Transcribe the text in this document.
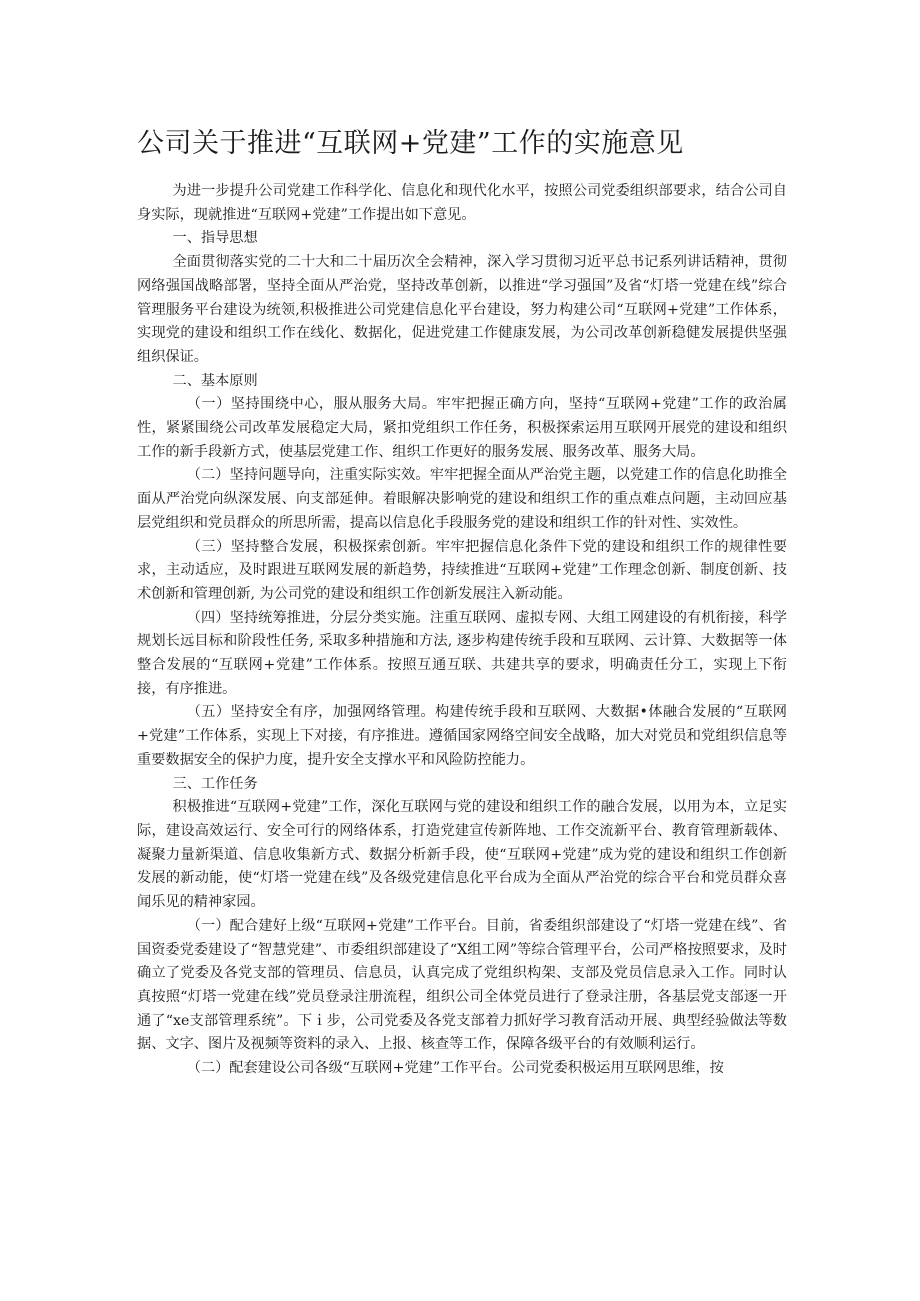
公司关于推进“互联网+党建”工作的实施意见

为进一步提升公司党建工作科学化、信息化和现代化水平，按照公司党委组织部要求，结合公司自身实际，现就推进“互联网+党建”工作提出如下意见。

一、指导思想

全面贯彻落实党的二十大和二十届历次全会精神，深入学习贯彻习近平总书记系列讲话精神，贯彻网络强国战略部署，坚持全面从严治党，坚持改革创新，以推进“学习强国”及省“灯塔一党建在线”综合管理服务平台建设为统领,积极推进公司党建信息化平台建设，努力构建公司“互联网+党建”工作体系，实现党的建设和组织工作在线化、数据化，促进党建工作健康发展，为公司改革创新稳健发展提供坚强组织保证。

二、基本原则

（一）坚持围绕中心，服从服务大局。牢牢把握正确方向，坚持“互联网+党建”工作的政治属性，紧紧围绕公司改革发展稳定大局，紧扣党组织工作任务，积极探索运用互联网开展党的建设和组织工作的新手段新方式，使基层党建工作、组织工作更好的服务发展、服务改革、服务大局。

（二）坚持问题导向，注重实际实效。牢牢把握全面从严治党主题，以党建工作的信息化助推全面从严治党向纵深发展、向支部延伸。着眼解决影响党的建设和组织工作的重点难点问题，主动回应基层党组织和党员群众的所思所需，提高以信息化手段服务党的建设和组织工作的针对性、实效性。

（三）坚持整合发展，积极探索创新。牢牢把握信息化条件下党的建设和组织工作的规律性要求，主动适应，及时跟进互联网发展的新趋势，持续推进“互联网+党建”工作理念创新、制度创新、技术创新和管理创新, 为公司党的建设和组织工作创新发展注入新动能。

（四）坚持统筹推进，分层分类实施。注重互联网、虚拟专网、大组工网建设的有机衔接，科学规划长远目标和阶段性任务, 采取多种措施和方法, 逐步构建传统手段和互联网、云计算、大数据等一体整合发展的“互联网+党建”工作体系。按照互通互联、共建共享的要求，明确责任分工，实现上下衔接，有序推进。

（五）坚持安全有序，加强网络管理。构建传统手段和互联网、大数据•体融合发展的“互联网+党建”工作体系，实现上下对接，有序推进。遵循国家网络空间安全战略，加大对党员和党组织信息等重要数据安全的保护力度，提升安全支撑水平和风险防控能力。

三、工作任务

积极推进“互联网+党建”工作，深化互联网与党的建设和组织工作的融合发展，以用为本，立足实际，建设高效运行、安全可行的网络体系，打造党建宣传新阵地、工作交流新平台、教育管理新载体、凝聚力量新渠道、信息收集新方式、数据分析新手段，使“互联网+党建”成为党的建设和组织工作创新发展的新动能，使“灯塔一党建在线”及各级党建信息化平台成为全面从严治党的综合平台和党员群众喜闻乐见的精神家园。

（一）配合建好上级“互联网+党建”工作平台。目前，省委组织部建设了“灯塔一党建在线”、省国资委党委建设了“智慧党建”、市委组织部建设了“X组工网”等综合管理平台，公司严格按照要求，及时确立了党委及各党支部的管理员、信息员，认真完成了党组织构架、支部及党员信息录入工作。同时认真按照“灯塔一党建在线”党员登录注册流程，组织公司全体党员进行了登录注册，各基层党支部逐一开通了“xe支部管理系统”。下ｉ步，公司党委及各党支部着力抓好学习教育活动开展、典型经验做法等数据、文字、图片及视频等资料的录入、上报、核查等工作，保障各级平台的有效顺利运行。

（二）配套建设公司各级“互联网+党建”工作平台。公司党委积极运用互联网思维，按
